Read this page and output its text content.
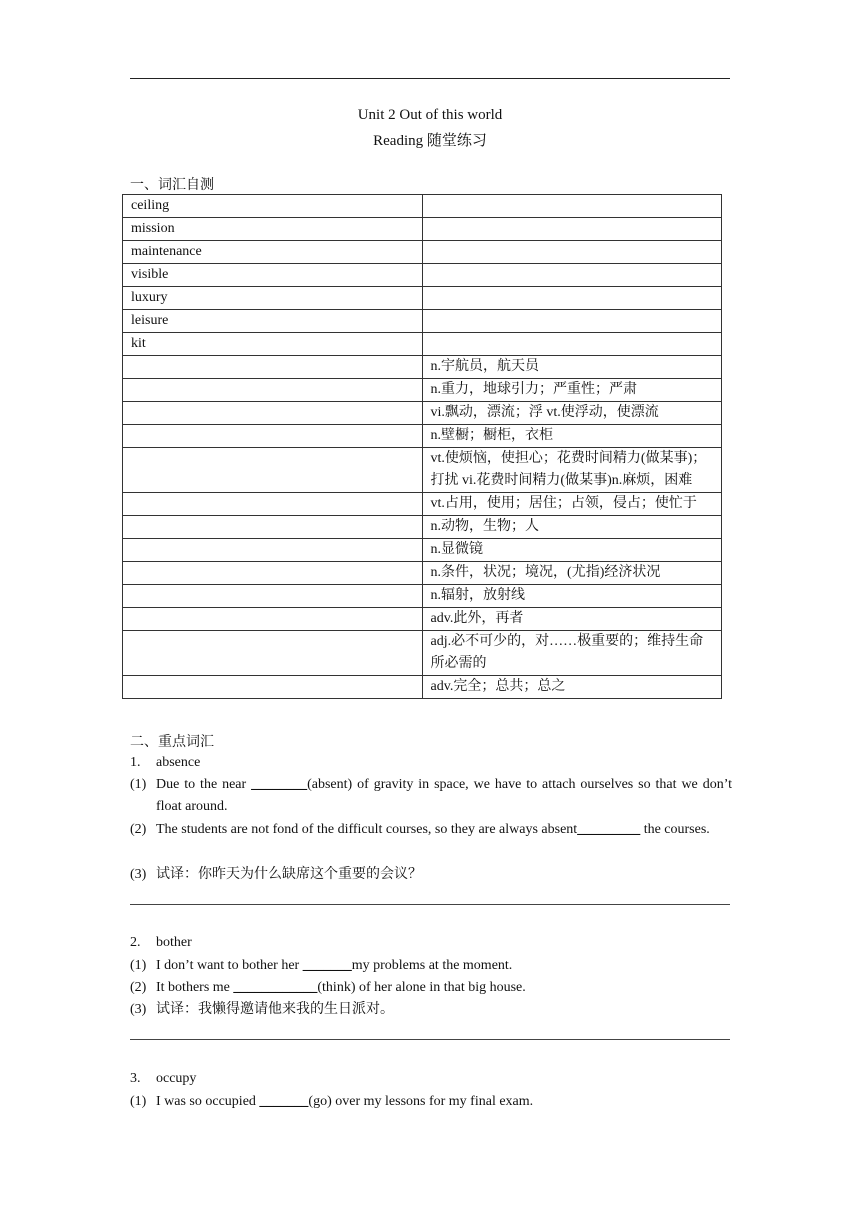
Unit 2 Out of this world
Reading 随堂练习
一、词汇自测
ceiling	
mission	
maintenance	
visible	
luxury	
leisure	
kit	
	n.宇航员，航天员
	n.重力，地球引力；严重性；严肃
	vi.飘动，漂流；浮 vt.使浮动，使漂流
	n.壁橱；橱柜，衣柜
	vt.使烦恼，使担心；花费时间精力(做某事)；打扰 vi.花费时间精力(做某事)n.麻烦，困难
	vt.占用，使用；居住；占领，侵占；使忙于
	n.动物，生物；人
	n.显微镜
	n.条件，状况；境况，(尤指)经济状况
	n.辐射，放射线
	adv.此外，再者
	adj.必不可少的，对……极重要的；维持生命所必需的
	adv.完全；总共；总之
二、重点词汇
1. absence
(1) Due to the near ________(absent) of gravity in space, we have to attach ourselves so that we don’t float around.
(2) The students are not fond of the difficult courses, so they are always absent_________ the courses.
(3) 试译：你昨天为什么缺席这个重要的会议？
2. bother
(1) I don’t want to bother her _______my problems at the moment.
(2) It bothers me ____________(think) of her alone in that big house.
(3) 试译：我懒得邀请他来我的生日派对。
3. occupy
(1) I was so occupied _______(go) over my lessons for my final exam.
